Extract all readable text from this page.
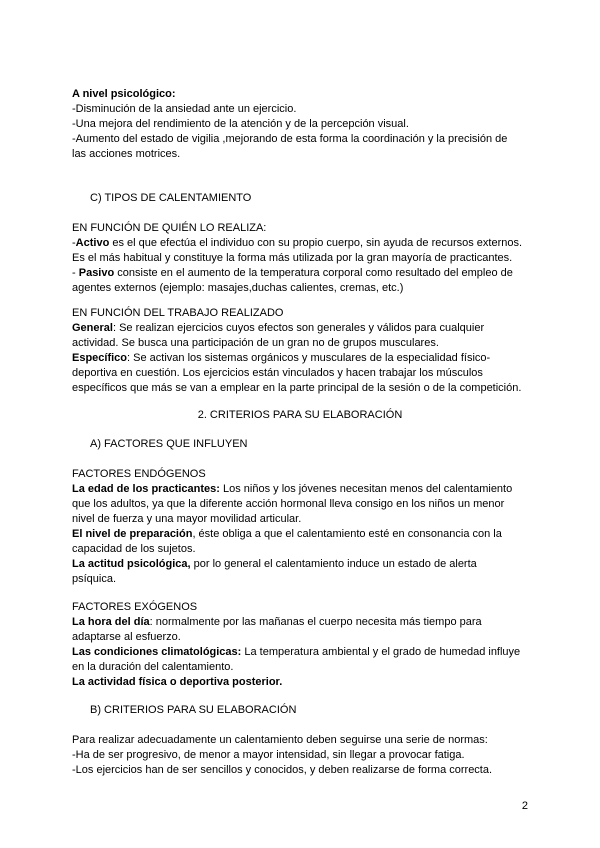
A nivel psicológico:
-Disminución de la ansiedad ante un ejercicio.
-Una mejora del rendimiento de la atención y de la percepción visual.
-Aumento del estado de vigilia ,mejorando de esta forma la coordinación y la precisión de
las acciones motrices.
C) TIPOS DE CALENTAMIENTO
EN FUNCIÓN DE QUIÉN LO REALIZA:
-Activo es el que efectúa el individuo con su propio cuerpo, sin ayuda de recursos externos.
Es el más habitual y constituye la forma más utilizada por la gran mayoría de practicantes.
- Pasivo consiste en el aumento de la temperatura corporal como resultado del empleo de
agentes externos (ejemplo: masajes,duchas calientes, cremas, etc.)
EN FUNCIÓN DEL TRABAJO REALIZADO
General: Se realizan ejercicios cuyos efectos son generales y válidos para cualquier
actividad. Se busca una participación de un gran no de grupos musculares.
Específico: Se activan los sistemas orgánicos y musculares de la especialidad físico-
deportiva en cuestión. Los ejercicios están vinculados y hacen trabajar los músculos
específicos que más se van a emplear en la parte principal de la sesión o de la competición.
2. CRITERIOS PARA SU ELABORACIÓN
A) FACTORES QUE INFLUYEN
FACTORES ENDÓGENOS
La edad de los practicantes: Los niños y los jóvenes necesitan menos del calentamiento
que los adultos, ya que la diferente acción hormonal lleva consigo en los niños un menor
nivel de fuerza y una mayor movilidad articular.
El nivel de preparación, éste obliga a que el calentamiento esté en consonancia con la
capacidad de los sujetos.
La actitud psicológica, por lo general el calentamiento induce un estado de alerta
psíquica.
FACTORES EXÓGENOS
La hora del día: normalmente por las mañanas el cuerpo necesita más tiempo para
adaptarse al esfuerzo.
Las condiciones climatológicas: La temperatura ambiental y el grado de humedad influye
en la duración del calentamiento.
La actividad física o deportiva posterior.
B) CRITERIOS PARA SU ELABORACIÓN
Para realizar adecuadamente un calentamiento deben seguirse una serie de normas:
-Ha de ser progresivo, de menor a mayor intensidad, sin llegar a provocar fatiga.
-Los ejercicios han de ser sencillos y conocidos, y deben realizarse de forma correcta.
2
